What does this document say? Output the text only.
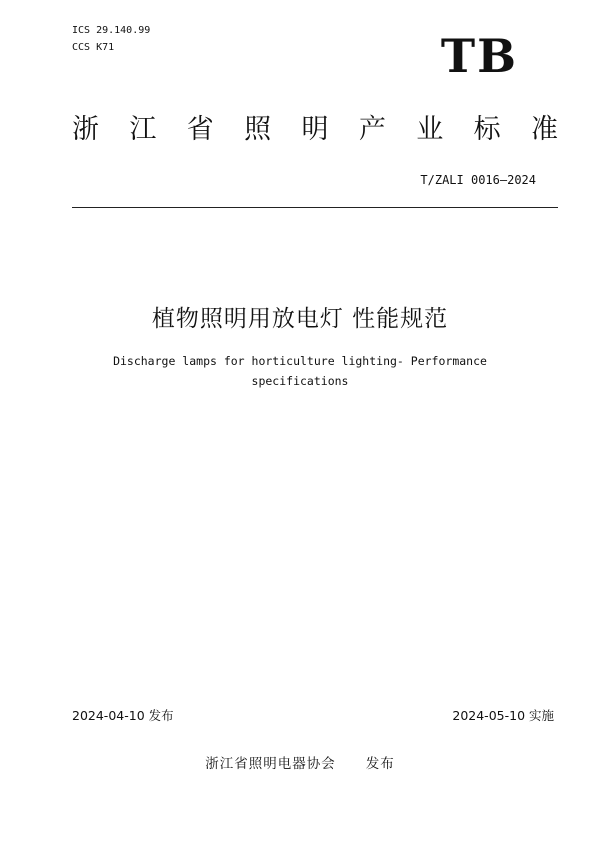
ICS 29.140.99
CCS K71	TB
浙江省照明产业标准
T/ZALI 0016—2024
植物照明用放电灯 性能规范
Discharge lamps for horticulture lighting- Performance
specifications
2024-04-10 发布	2024-05-10 实施
浙江省照明电器协会 发布
